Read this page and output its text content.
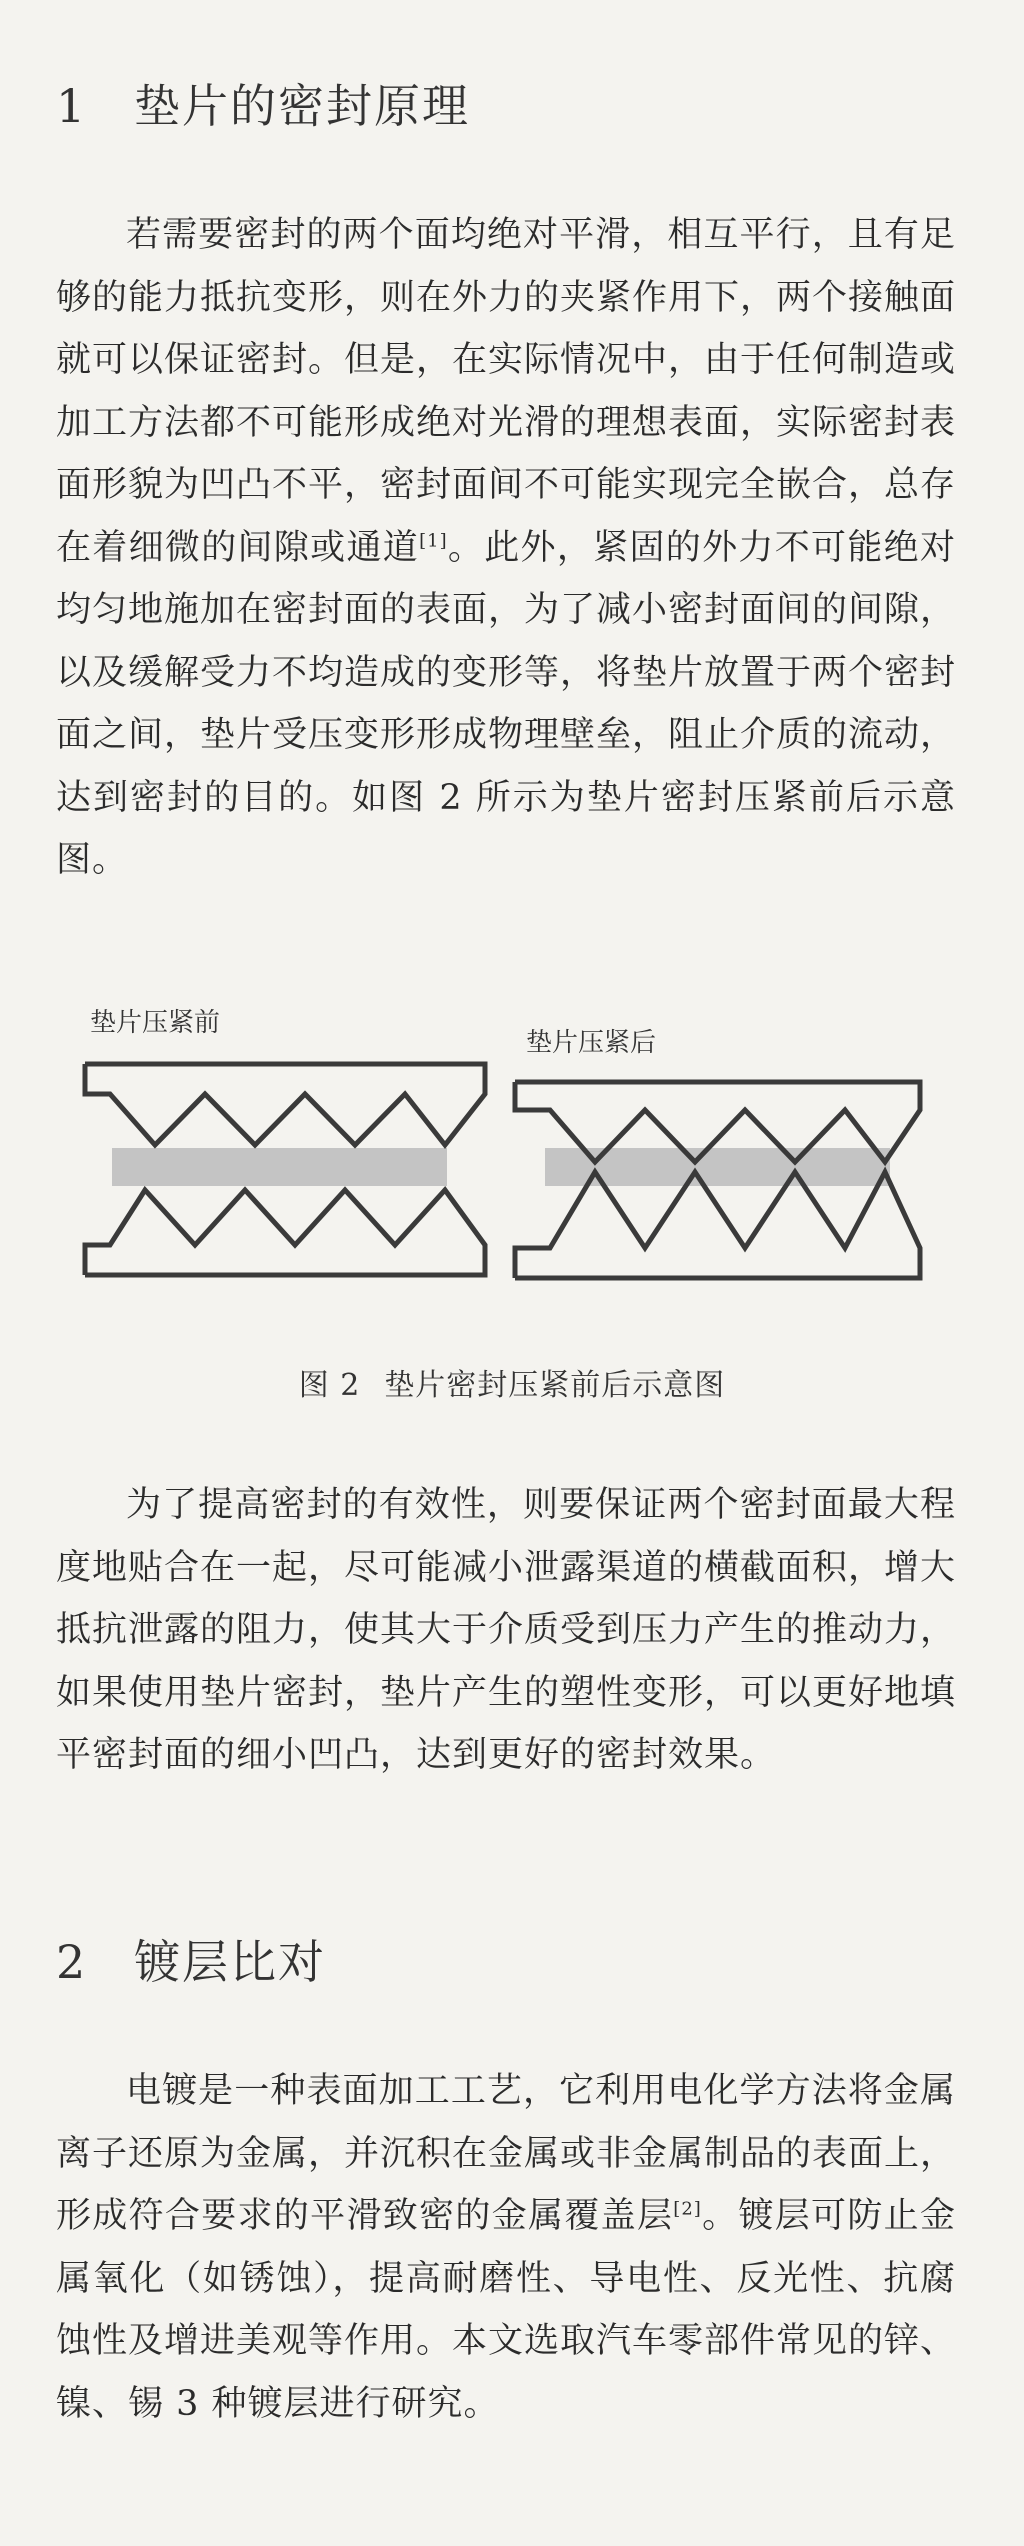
1 垫片的密封原理

若需要密封的两个面均绝对平滑，相互平行，且有足够的能力抵抗变形，则在外力的夹紧作用下，两个接触面就可以保证密封。但是，在实际情况中，由于任何制造或加工方法都不可能形成绝对光滑的理想表面，实际密封表面形貌为凹凸不平，密封面间不可能实现完全嵌合，总存在着细微的间隙或通道[1]。此外，紧固的外力不可能绝对均匀地施加在密封面的表面，为了减小密封面间的间隙，以及缓解受力不均造成的变形等，将垫片放置于两个密封面之间，垫片受压变形形成物理壁垒，阻止介质的流动，达到密封的目的。如图 2 所示为垫片密封压紧前后示意图。

垫片压紧前
垫片压紧后
图 2 垫片密封压紧前后示意图

为了提高密封的有效性，则要保证两个密封面最大程度地贴合在一起，尽可能减小泄露渠道的横截面积，增大抵抗泄露的阻力，使其大于介质受到压力产生的推动力，如果使用垫片密封，垫片产生的塑性变形，可以更好地填平密封面的细小凹凸，达到更好的密封效果。

2 镀层比对

电镀是一种表面加工工艺，它利用电化学方法将金属离子还原为金属，并沉积在金属或非金属制品的表面上，形成符合要求的平滑致密的金属覆盖层[2]。镀层可防止金属氧化（如锈蚀），提高耐磨性、导电性、反光性、抗腐蚀性及增进美观等作用。本文选取汽车零部件常见的锌、镍、锡 3 种镀层进行研究。
